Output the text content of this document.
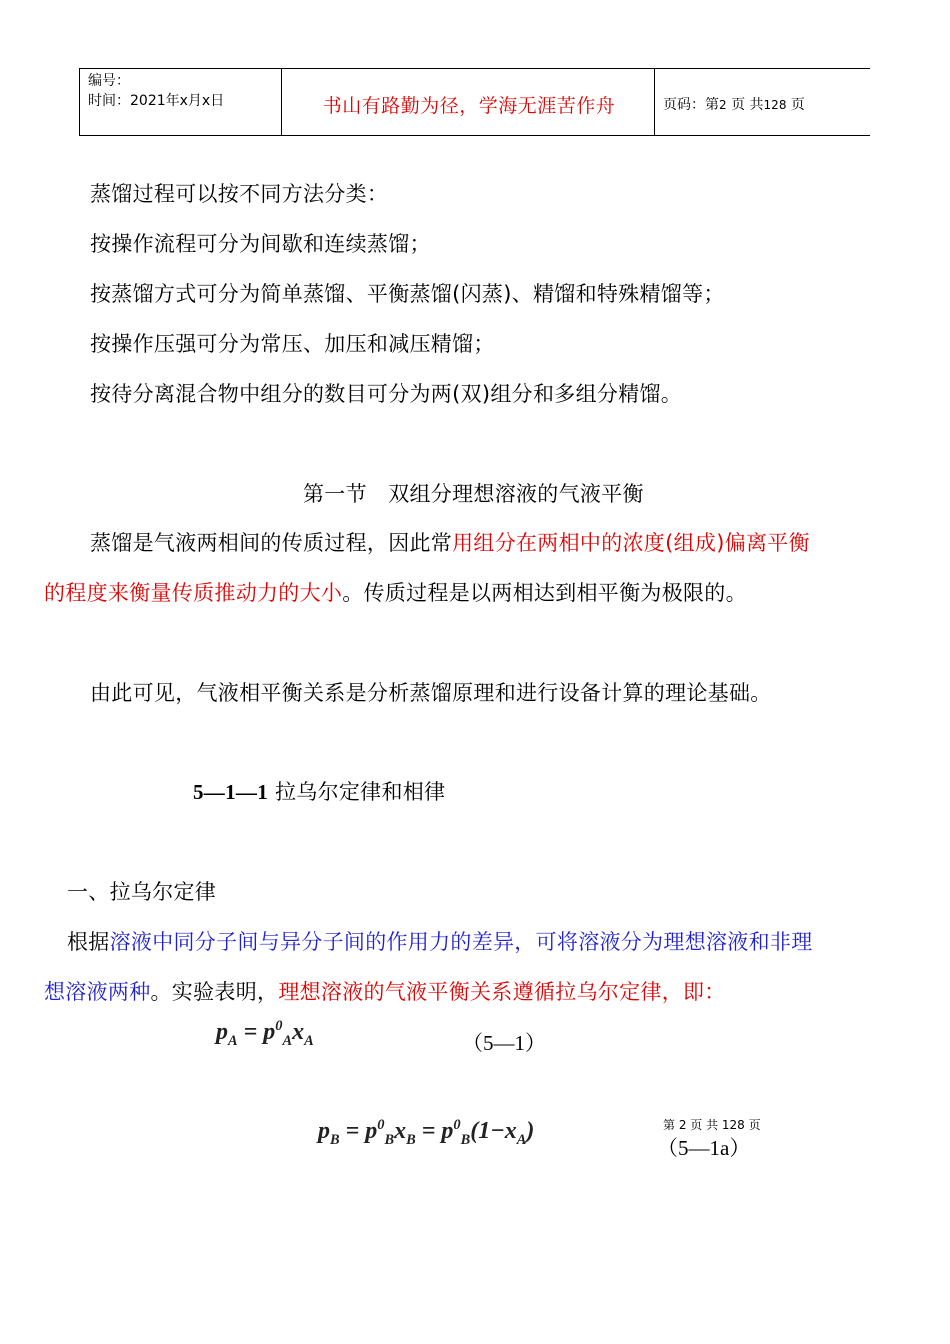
编号：
时间：2021年x月x日	书山有路勤为径，学海无涯苦作舟	页码：第2 页 共128 页
蒸馏过程可以按不同方法分类：
按操作流程可分为间歇和连续蒸馏；
按蒸馏方式可分为简单蒸馏、平衡蒸馏(闪蒸)、精馏和特殊精馏等；
按操作压强可分为常压、加压和减压精馏；
按待分离混合物中组分的数目可分为两(双)组分和多组分精馏。
第一节　双组分理想溶液的气液平衡
蒸馏是气液两相间的传质过程，因此常用组分在两相中的浓度(组成)偏离平衡
的程度来衡量传质推动力的大小。传质过程是以两相达到相平衡为极限的。
由此可见，气液相平衡关系是分析蒸馏原理和进行设备计算的理论基础。
5—1—1 拉乌尔定律和相律
一、拉乌尔定律
根据溶液中同分子间与异分子间的作用力的差异，可将溶液分为理想溶液和非理
想溶液两种。实验表明，理想溶液的气液平衡关系遵循拉乌尔定律，即：
$p_A = p^0_Ax_A$	（5—1）
$p_B = p^0_Bx_B = p^0_B(1-x_A)$	第 2 页 共 128 页
（5—1a）
